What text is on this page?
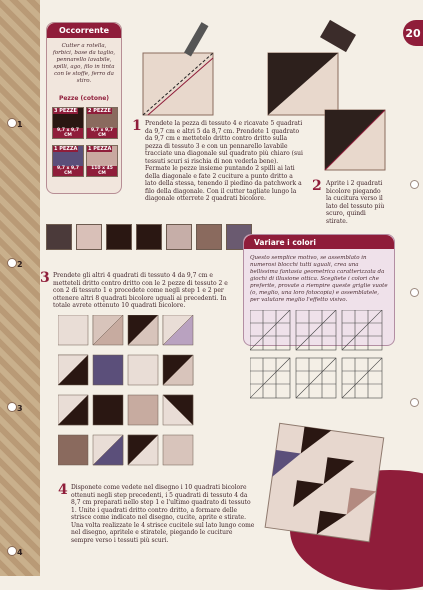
1
2
3
4
20
Occorrente
Cutter a rotella, forbici, base da taglio, pennarello lavabile, spilli, ago, filo in tinta con le stoffe, ferro da stiro.
Pezze (cotone)
3 PEZZE
9,7 x 9,7 CM
2 PEZZE
9,7 x 9,7 CM
1 PEZZA
9,7 x 9,7 CM
1 PEZZA
110 x 45 CM
1 Prendete la pezza di tessuto 4 e ricavate 5 quadrati da 9,7 cm e altri 5 da 8,7 cm. Prendete 1 quadrato da 9,7 cm e mettetelo dritto contro dritto sulla pezza di tessuto 3 e con un pennarello lavabile tracciate una diagonale sul quadrato più chiaro (sui tessuti scuri si rischia di non vederla bene). Fermate le pezze insieme puntando 2 spilli ai lati della diagonale e fate 2 cuciture a punto dritto a lato della stessa, tenendo il piedino da patchwork a filo della diagonale. Con il cutter tagliate lungo la diagonale otterrete 2 quadrati bicolore.
2 Aprite i 2 quadrati bicolore piegando la cucitura verso il lato del tessuto più scuro, quindi stirate.
3 Prendete gli altri 4 quadrati di tessuto 4 da 9,7 cm e metteteli dritto contro dritto con le 2 pezze di tessuto 2 e con 2 di tessuto 1 e procedete come negli step 1 e 2 per ottenere altri 8 quadrati bicolore uguali ai precedenti. In totale avrete ottenuto 10 quadrati bicolore.
Variare i colori
Questo semplice motivo, se assemblato in numerosi blocchi tutti uguali, crea una bellissima fantasia geometrica caratterizzata da giochi di illusione ottica. Scegliete i colori che preferite, provate a riempire queste griglie vuote (o, meglio, una loro fotocopia) e assemblatele, per valutare meglio l'effetto visivo.
4 Disponete come vedete nel disegno i 10 quadrati bicolore ottenuti negli step precedenti, i 5 quadrati di tessuto 4 da 8,7 cm preparati nello step 1 e l'ultimo quadrato di tessuto 1. Unite i quadrati dritto contro dritto, a formare delle strisce come indicato nel disegno, cucite, aprite e stirate. Una volta realizzate le 4 strisce cucitele sul lato lungo come nel disegno, apritele e stiratele, piegando le cuciture sempre verso i tessuti più scuri.
